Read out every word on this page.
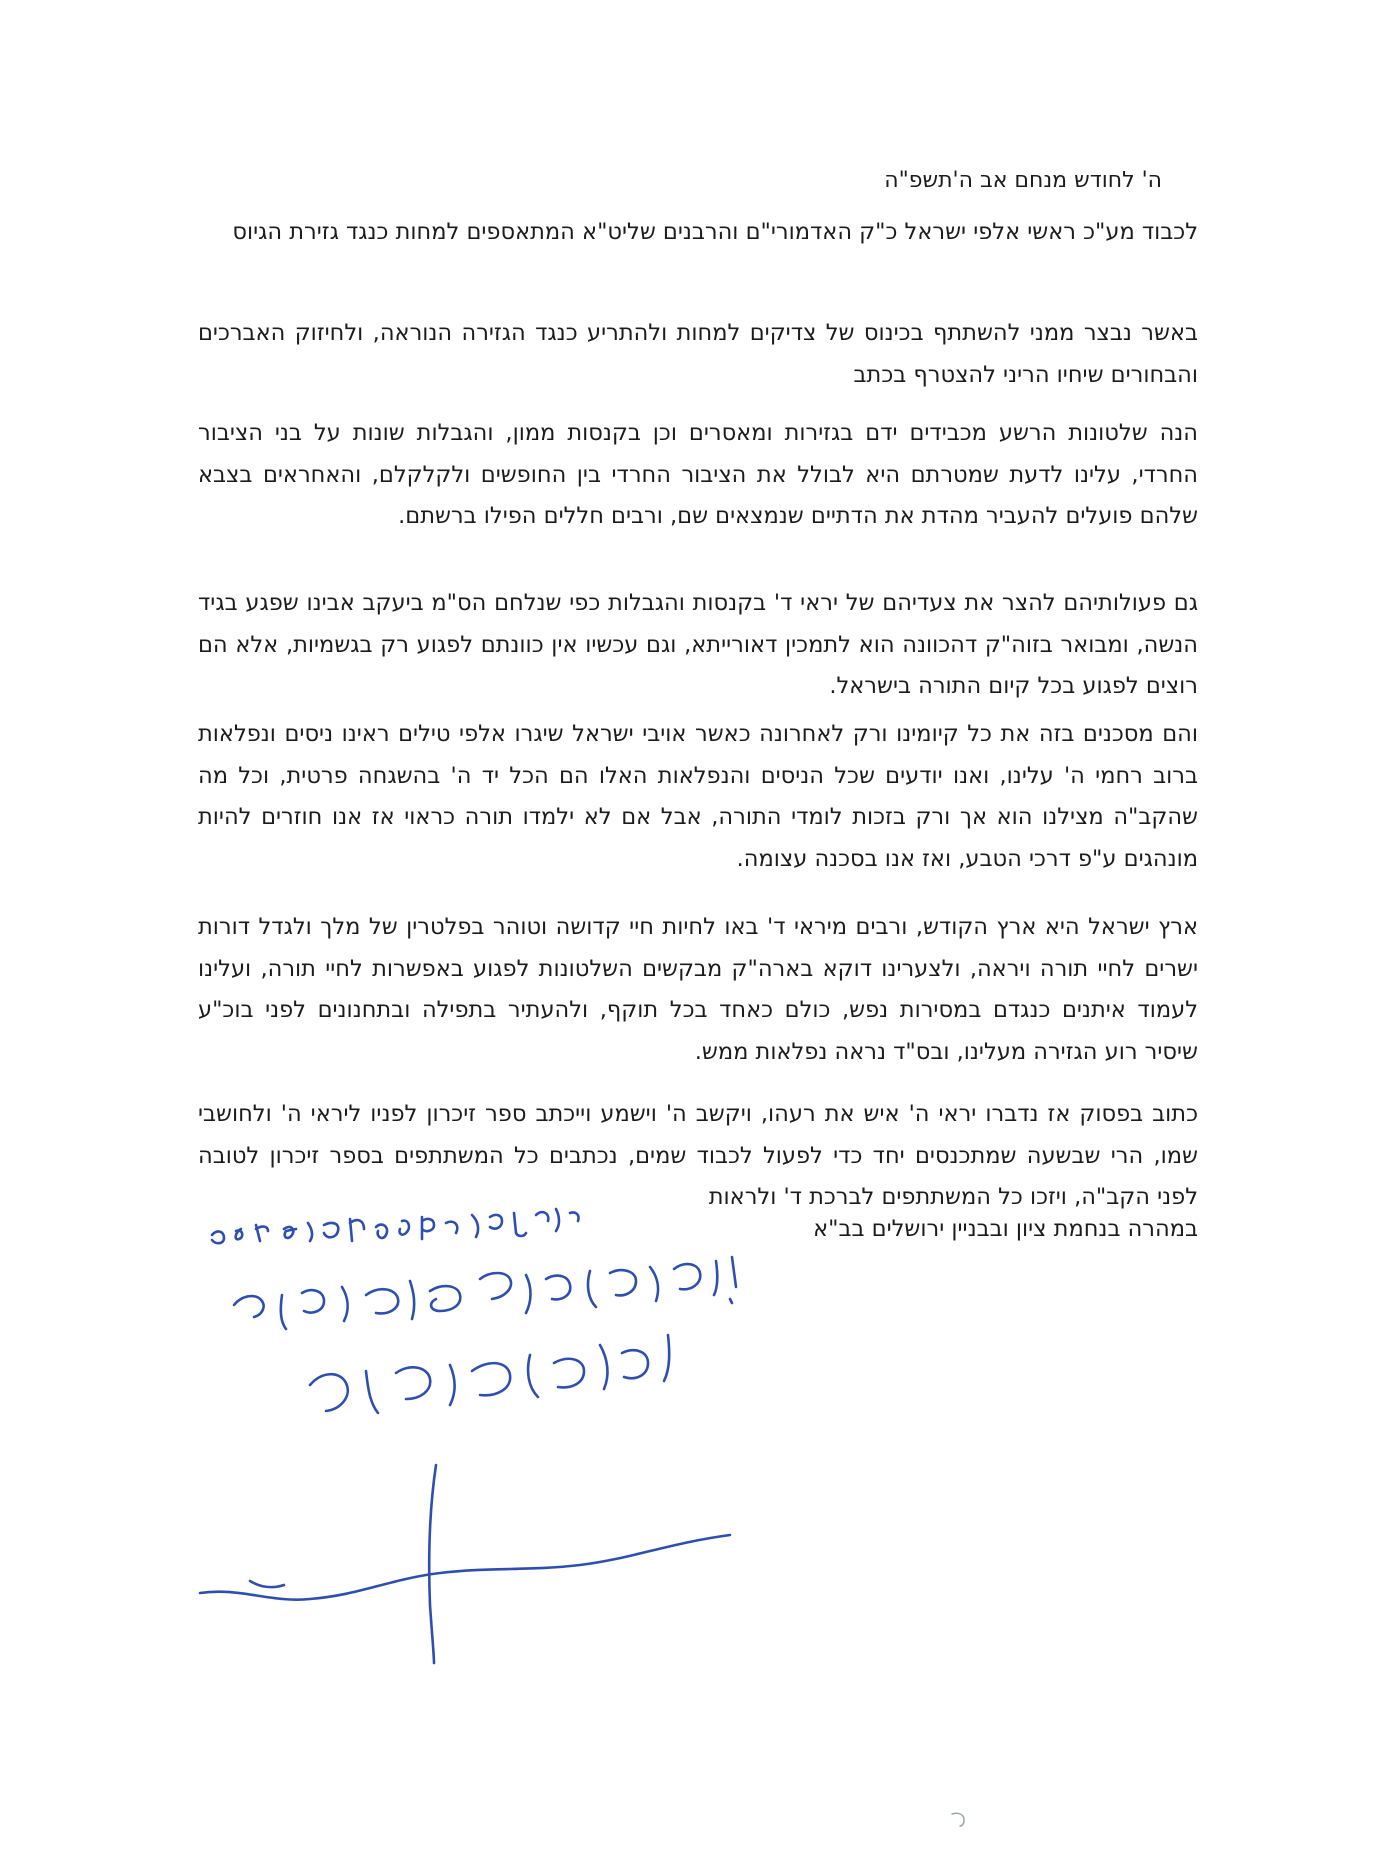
ה' לחודש מנחם אב ה'תשפ"ה

לכבוד מע"כ ראשי אלפי ישראל כ"ק האדמורי"ם והרבנים שליט"א המתאספים למחות כנגד גזירת הגיוס

באשר נבצר ממני להשתתף בכינוס של צדיקים למחות ולהתריע כנגד הגזירה הנוראה, ולחיזוק האברכים והבחורים שיחיו הריני להצטרף בכתב

הנה שלטונות הרשע מכבידים ידם בגזירות ומאסרים וכן בקנסות ממון, והגבלות שונות על בני הציבור החרדי, עלינו לדעת שמטרתם היא לבולל את הציבור החרדי בין החופשים ולקלקלם, והאחראים בצבא שלהם פועלים להעביר מהדת את הדתיים שנמצאים שם, ורבים חללים הפילו ברשתם.

גם פעולותיהם להצר את צעדיהם של יראי ד' בקנסות והגבלות כפי שנלחם הס"מ ביעקב אבינו שפגע בגיד הנשה, ומבואר בזוה"ק דהכוונה הוא לתמכין דאורייתא, וגם עכשיו אין כוונתם לפגוע רק בגשמיות, אלא הם רוצים לפגוע בכל קיום התורה בישראל.

והם מסכנים בזה את כל קיומינו ורק לאחרונה כאשר אויבי ישראל שיגרו אלפי טילים ראינו ניסים ונפלאות ברוב רחמי ה' עלינו, ואנו יודעים שכל הניסים והנפלאות האלו הם הכל יד ה' בהשגחה פרטית, וכל מה שהקב"ה מצילנו הוא אך ורק בזכות לומדי התורה, אבל אם לא ילמדו תורה כראוי אז אנו חוזרים להיות מונהגים ע"פ דרכי הטבע, ואז אנו בסכנה עצומה.

ארץ ישראל היא ארץ הקודש, ורבים מיראי ד' באו לחיות חיי קדושה וטוהר בפלטרין של מלך ולגדל דורות ישרים לחיי תורה ויראה, ולצערינו דוקא בארה"ק מבקשים השלטונות לפגוע באפשרות לחיי תורה, ועלינו לעמוד איתנים כנגדם במסירות נפש, כולם כאחד בכל תוקף, ולהעתיר בתפילה ובתחנונים לפני בוכ"ע שיסיר רוע הגזירה מעלינו, ובס"ד נראה נפלאות ממש.

כתוב בפסוק אז נדברו יראי ה' איש את רעהו, ויקשב ה' וישמע וייכתב ספר זיכרון לפניו ליראי ה' ולחושבי שמו, הרי שבשעה שמתכנסים יחד כדי לפעול לכבוד שמים, נכתבים כל המשתתפים בספר זיכרון לטובה לפני הקב"ה, ויזכו כל המשתתפים לברכת ד' ולראות

במהרה בנחמת ציון ובבניין ירושלים בב"א
